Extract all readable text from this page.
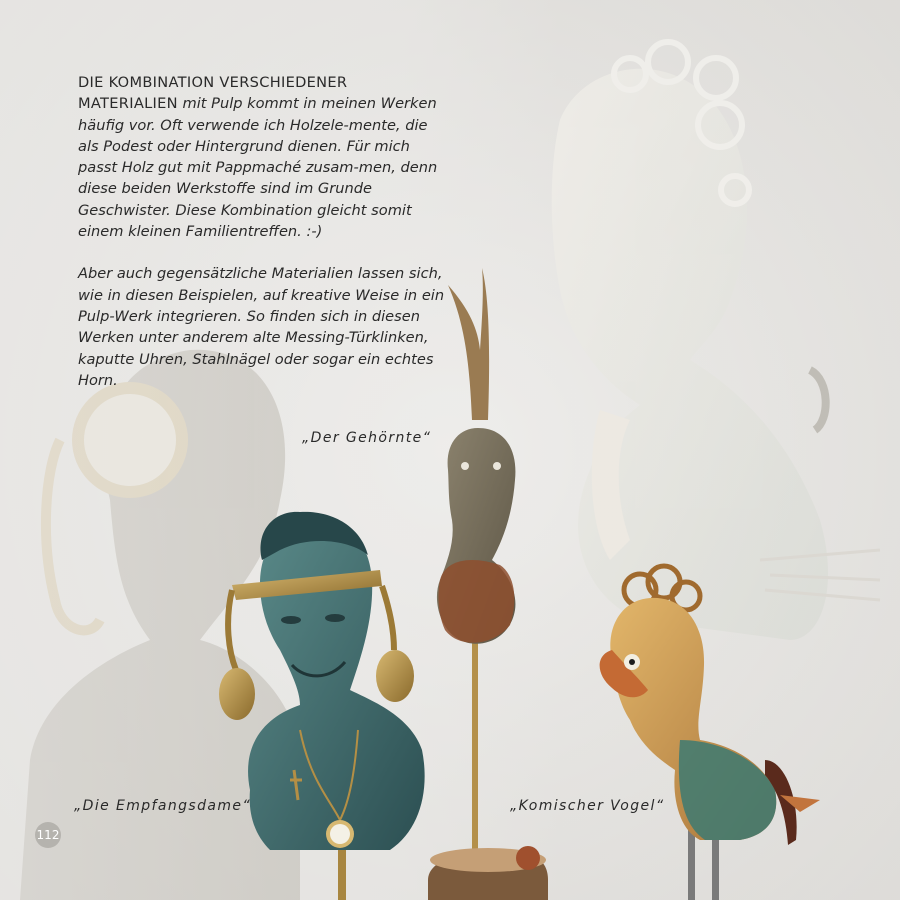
DIE KOMBINATION VERSCHIEDENER
MATERIALIEN mit Pulp kommt in meinen Werken häufig vor. Oft verwende ich Holzele-mente, die als Podest oder Hintergrund dienen. Für mich passt Holz gut mit Pappmaché zusam-men, denn diese beiden Werkstoffe sind im Grunde Geschwister. Diese Kombination gleicht somit einem kleinen Familientreffen. :-)

Aber auch gegensätzliche Materialien lassen sich, wie in diesen Beispielen, auf kreative Weise in ein Pulp-Werk integrieren. So finden sich in diesen Werken unter anderem alte Messing-Türklinken, kaputte Uhren, Stahlnägel oder sogar ein echtes Horn.

„Der Gehörnte“
„Die Empfangsdame“	„Komischer Vogel“
112
